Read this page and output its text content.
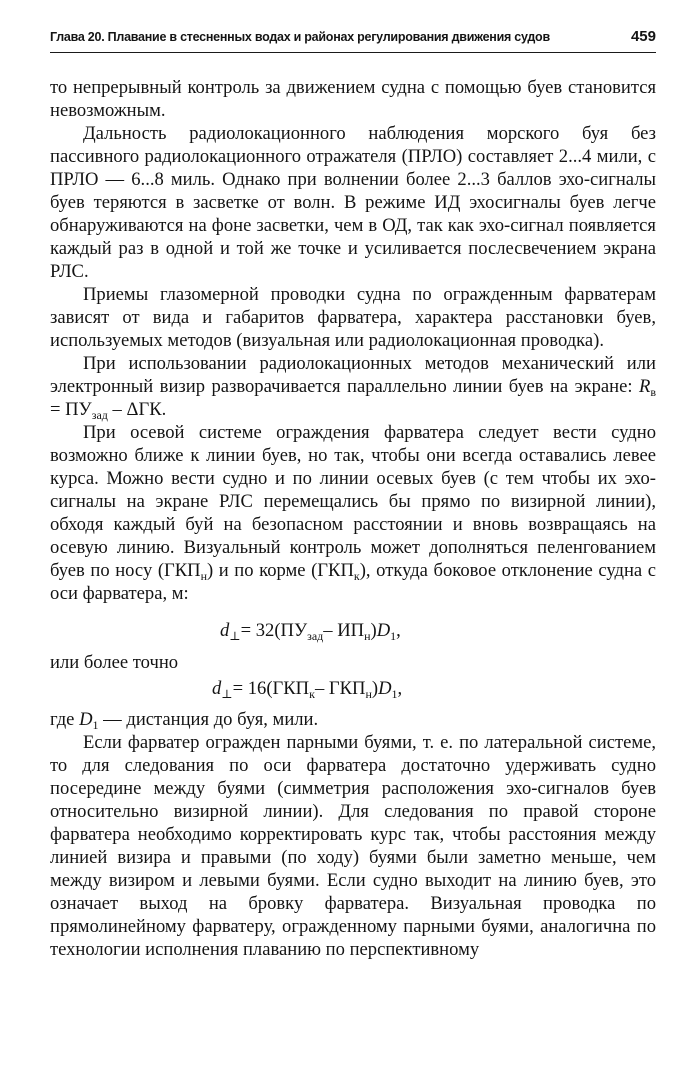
Глава 20. Плавание в стесненных водах и районах регулирования движения судов	459

то непрерывный контроль за движением судна с помощью буев становится невозможным.

Дальность радиолокационного наблюдения морского буя без пассивного радиолокационного отражателя (ПРЛО) составляет 2...4 мили, с ПРЛО — 6...8 миль. Однако при волнении более 2...3 баллов эхо-сигналы буев теряются в засветке от волн. В режиме ИД эхосигналы буев легче обнаруживаются на фоне засветки, чем в ОД, так как эхо-сигнал появляется каждый раз в одной и той же точке и усиливается послесвечением экрана РЛС.

Приемы глазомерной проводки судна по огражденным фарватерам зависят от вида и габаритов фарватера, характера расстановки буев, используемых методов (визуальная или радиолокационная проводка).

При использовании радиолокационных методов механический или электронный визир разворачивается параллельно линии буев на экране: $R_в = ПУ_{зад} - \Delta ГК$.

При осевой системе ограждения фарватера следует вести судно возможно ближе к линии буев, но так, чтобы они всегда оставались левее курса. Можно вести судно и по линии осевых буев (с тем чтобы их эхо-сигналы на экране РЛС перемещались бы прямо по визирной линии), обходя каждый буй на безопасном расстоянии и вновь возвращаясь на осевую линию. Визуальный контроль может дополняться пеленгованием буев по носу $(ГКП_н)$ и по корме $(ГКП_к)$, откуда боковое отклонение судна с оси фарватера, м:

$d_\perp= 32(ПУ_{зад}-$ $ИП_н)D_1$,

или более точно

$d_\perp= 16(ГКП_к-$ $ГКП_н)D_1$,

где $D_1$ — дистанция до буя, мили.

Если фарватер огражден парными буями, т. е. по латеральной системе, то для следования по оси фарватера достаточно удерживать судно посередине между буями (симметрия расположения эхо-сигналов буев относительно визирной линии). Для следования по правой стороне фарватера необходимо корректировать курс так, чтобы расстояния между линией визира и правыми (по ходу) буями были заметно меньше, чем между визиром и левыми буями. Если судно выходит на линию буев, это означает выход на бровку фарватера. Визуальная проводка по прямолинейному фарватеру, огражденному парными буями, аналогична по технологии исполнения плаванию по перспективному
